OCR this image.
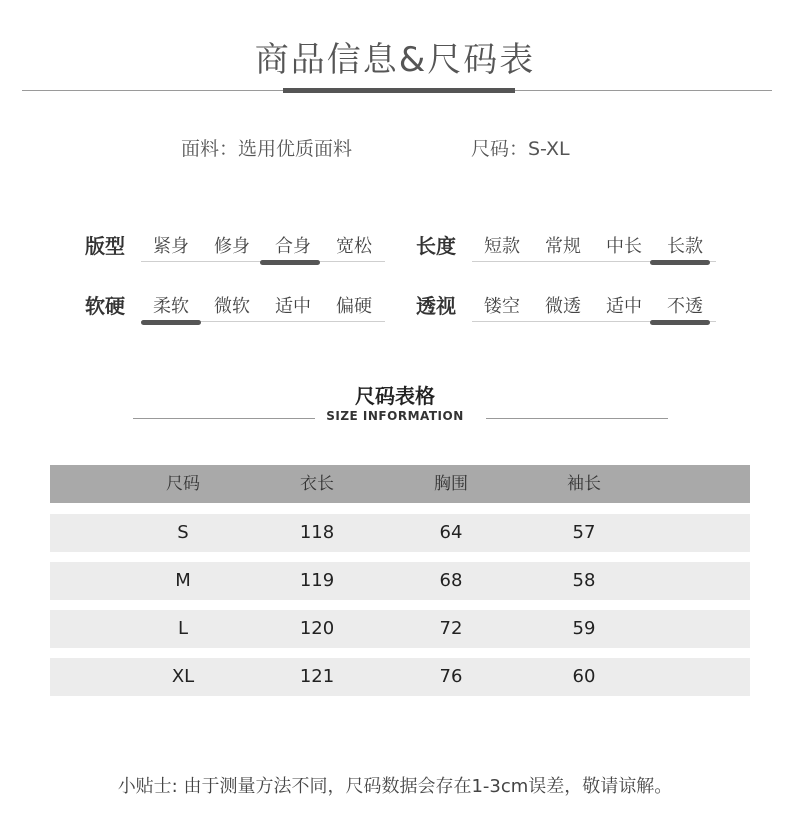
商品信息&尺码表
面料：选用优质面料	尺码：S-XL
版型	紧身	修身	合身	宽松	长度	短款	常规	中长	长款
软硬	柔软	微软	适中	偏硬	透视	镂空	微透	适中	不透
尺码表格
SIZE INFORMATION
尺码	衣长	胸围	袖长
S	118	64	57
M	119	68	58
L	120	72	59
XL	121	76	60
小贴士: 由于测量方法不同，尺码数据会存在1-3cm误差，敬请谅解。
